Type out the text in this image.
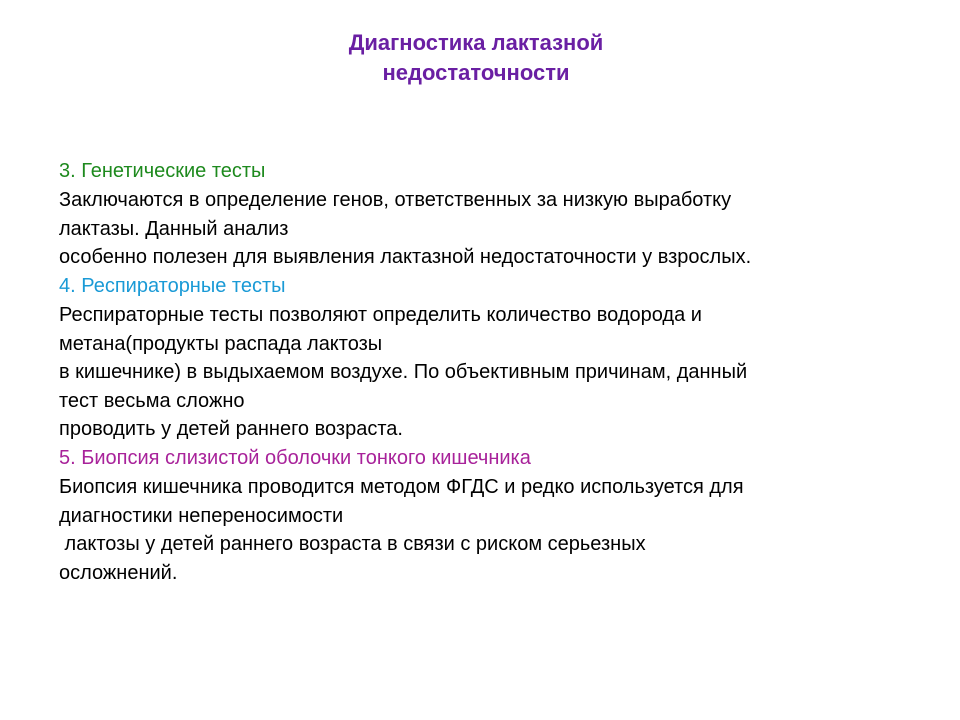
Диагностика лактазной
недостаточности
3. Генетические тесты
Заключаются в определение генов, ответственных за низкую выработку
лактазы. Данный анализ
особенно полезен для выявления лактазной недостаточности у взрослых.
4. Респираторные тесты
Респираторные тесты позволяют определить количество водорода и
метана(продукты распада лактозы
в кишечнике) в выдыхаемом воздухе. По объективным причинам, данный
тест весьма сложно
проводить у детей раннего возраста.
5. Биопсия слизистой оболочки тонкого кишечника
Биопсия кишечника проводится методом ФГДС и редко используется для
диагностики непереносимости
лактозы у детей раннего возраста в связи с риском серьезных
осложнений.
